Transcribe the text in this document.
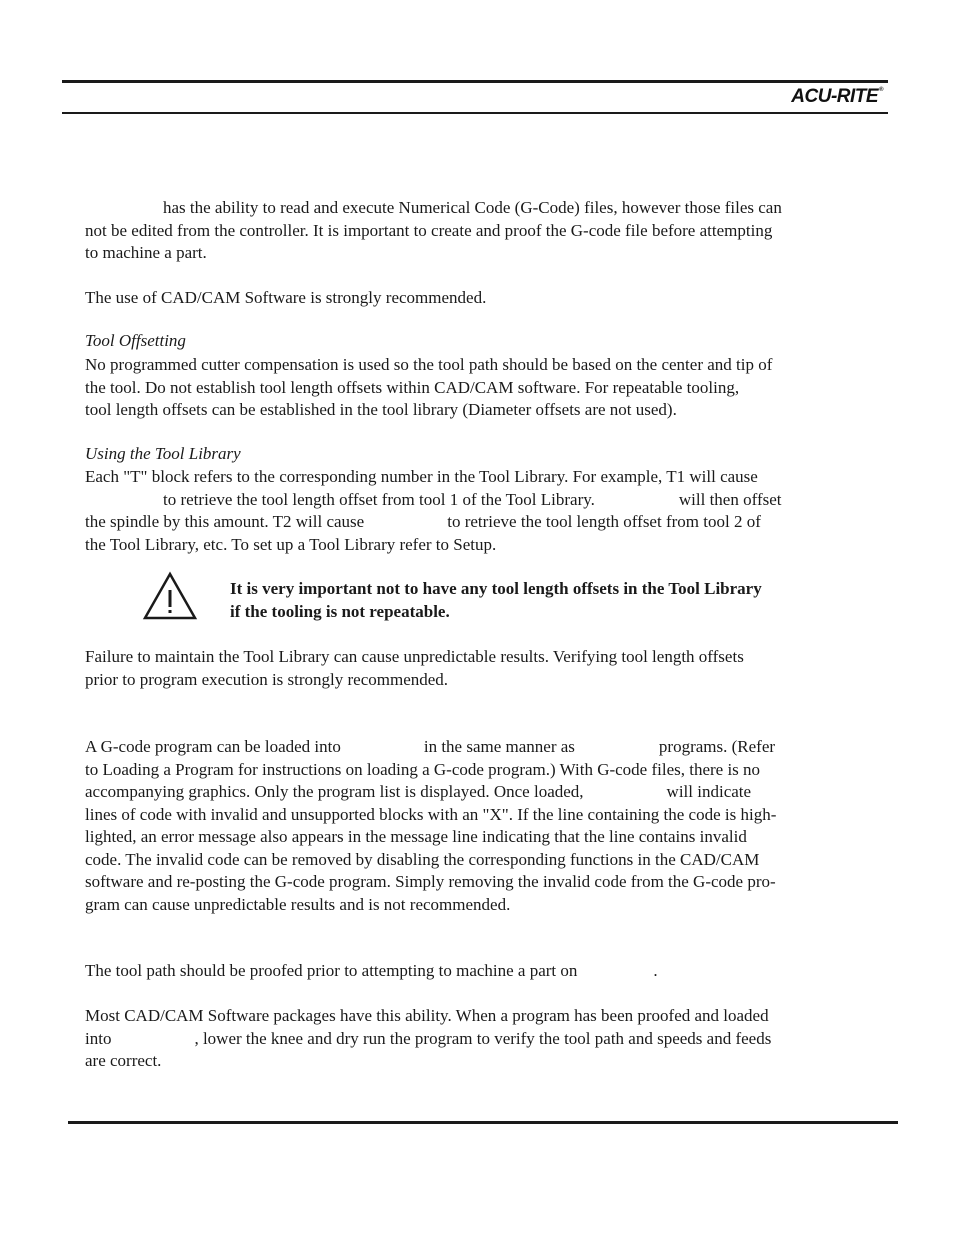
ACU-RITE®
has the ability to read and execute Numerical Code (G-Code) files, however those files can
not be edited from the controller. It is important to create and proof the G-code file before attempting
to machine a part.
The use of CAD/CAM Software is strongly recommended.
Tool Offsetting
No programmed cutter compensation is used so the tool path should be based on the center and tip of
the tool. Do not establish tool length offsets within CAD/CAM software. For repeatable tooling,
tool length offsets can be established in the tool library (Diameter offsets are not used).
Using the Tool Library
Each "T" block refers to the corresponding number in the Tool Library. For example, T1 will cause
to retrieve the tool length offset from tool 1 of the Tool Library.	will then offset
the spindle by this amount. T2 will cause	to retrieve the tool length offset from tool 2 of
the Tool Library, etc. To set up a Tool Library refer to Setup.
It is very important not to have any tool length offsets in the Tool Library
if the tooling is not repeatable.
Failure to maintain the Tool Library can cause unpredictable results. Verifying tool length offsets
prior to program execution is strongly recommended.
A G-code program can be loaded into	in the same manner as	programs. (Refer
to Loading a Program for instructions on loading a G-code program.) With G-code files, there is no
accompanying graphics. Only the program list is displayed. Once loaded,	will indicate
lines of code with invalid and unsupported blocks with an "X". If the line containing the code is high-
lighted, an error message also appears in the message line indicating that the line contains invalid
code. The invalid code can be removed by disabling the corresponding functions in the CAD/CAM
software and re-posting the G-code program. Simply removing the invalid code from the G-code pro-
gram can cause unpredictable results and is not recommended.
The tool path should be proofed prior to attempting to machine a part on	.
Most CAD/CAM Software packages have this ability. When a program has been proofed and loaded
into	, lower the knee and dry run the program to verify the tool path and speeds and feeds
are correct.
